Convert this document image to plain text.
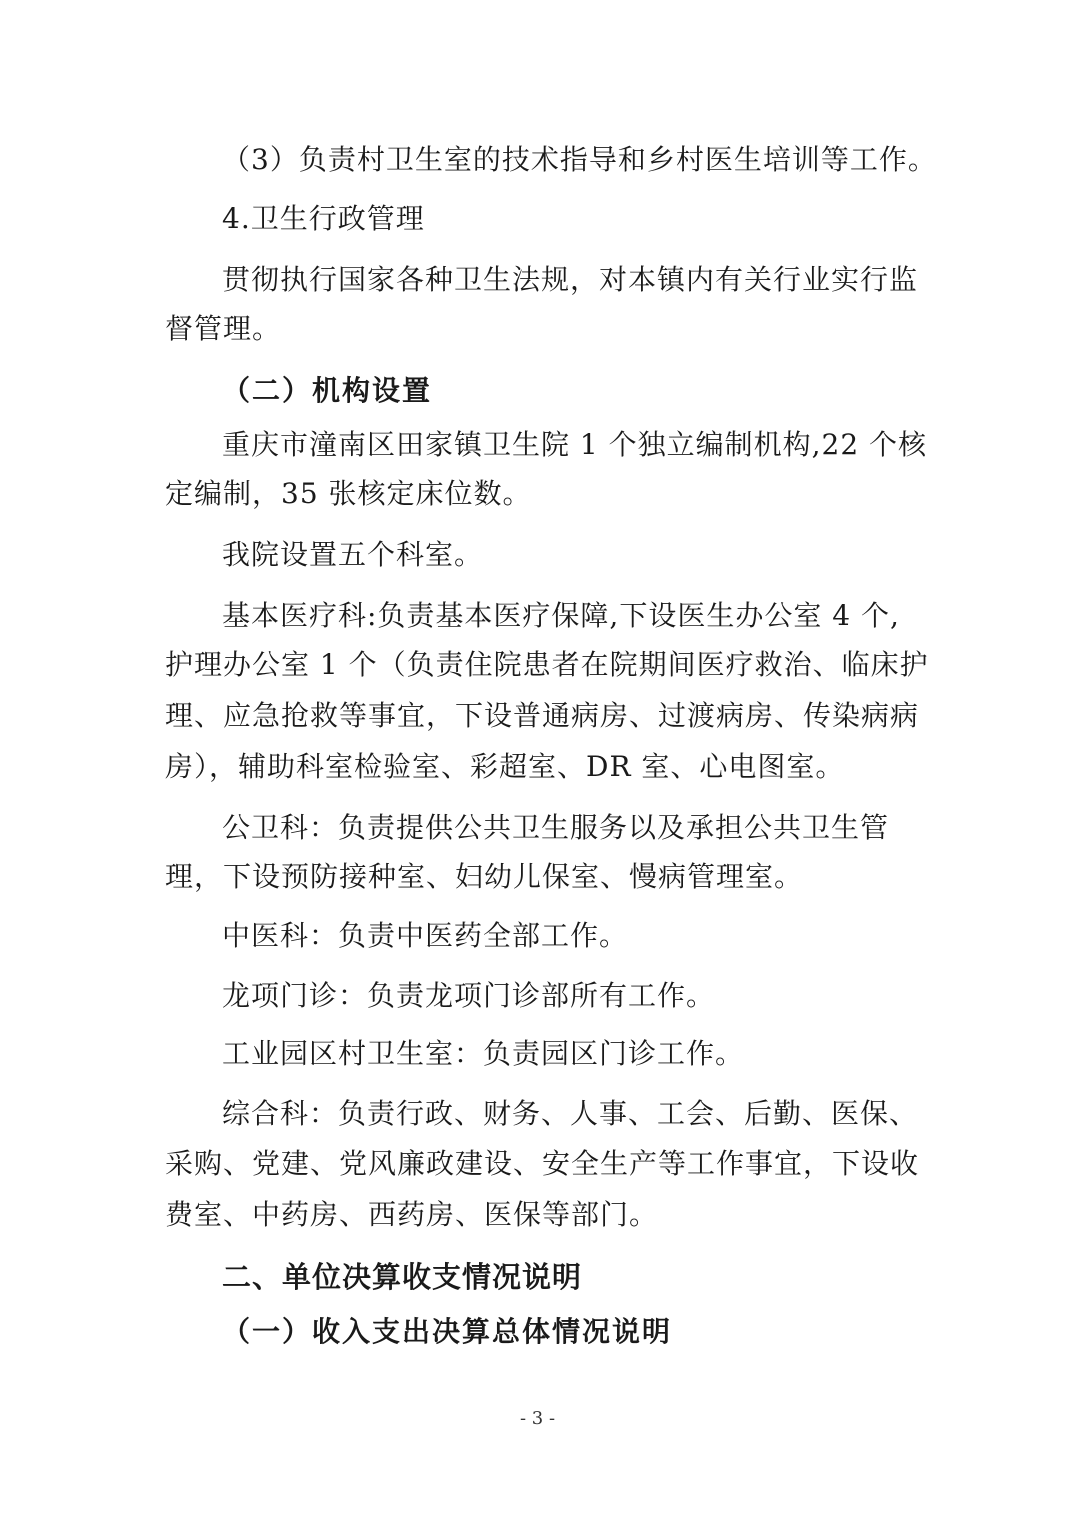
（3）负责村卫生室的技术指导和乡村医生培训等工作。
4.卫生行政管理
贯彻执行国家各种卫生法规，对本镇内有关行业实行监
督管理。
（二）机构设置
重庆市潼南区田家镇卫生院 1 个独立编制机构,22 个核
定编制，35 张核定床位数。
我院设置五个科室。
基本医疗科:负责基本医疗保障,下设医生办公室 4 个,
护理办公室 1 个（负责住院患者在院期间医疗救治、临床护
理、应急抢救等事宜，下设普通病房、过渡病房、传染病病
房），辅助科室检验室、彩超室、DR 室、心电图室。
公卫科：负责提供公共卫生服务以及承担公共卫生管
理，下设预防接种室、妇幼儿保室、慢病管理室。
中医科：负责中医药全部工作。
龙项门诊：负责龙项门诊部所有工作。
工业园区村卫生室：负责园区门诊工作。
综合科：负责行政、财务、人事、工会、后勤、医保、
采购、党建、党风廉政建设、安全生产等工作事宜，下设收
费室、中药房、西药房、医保等部门。
二、单位决算收支情况说明
（一）收入支出决算总体情况说明
- 3 -
